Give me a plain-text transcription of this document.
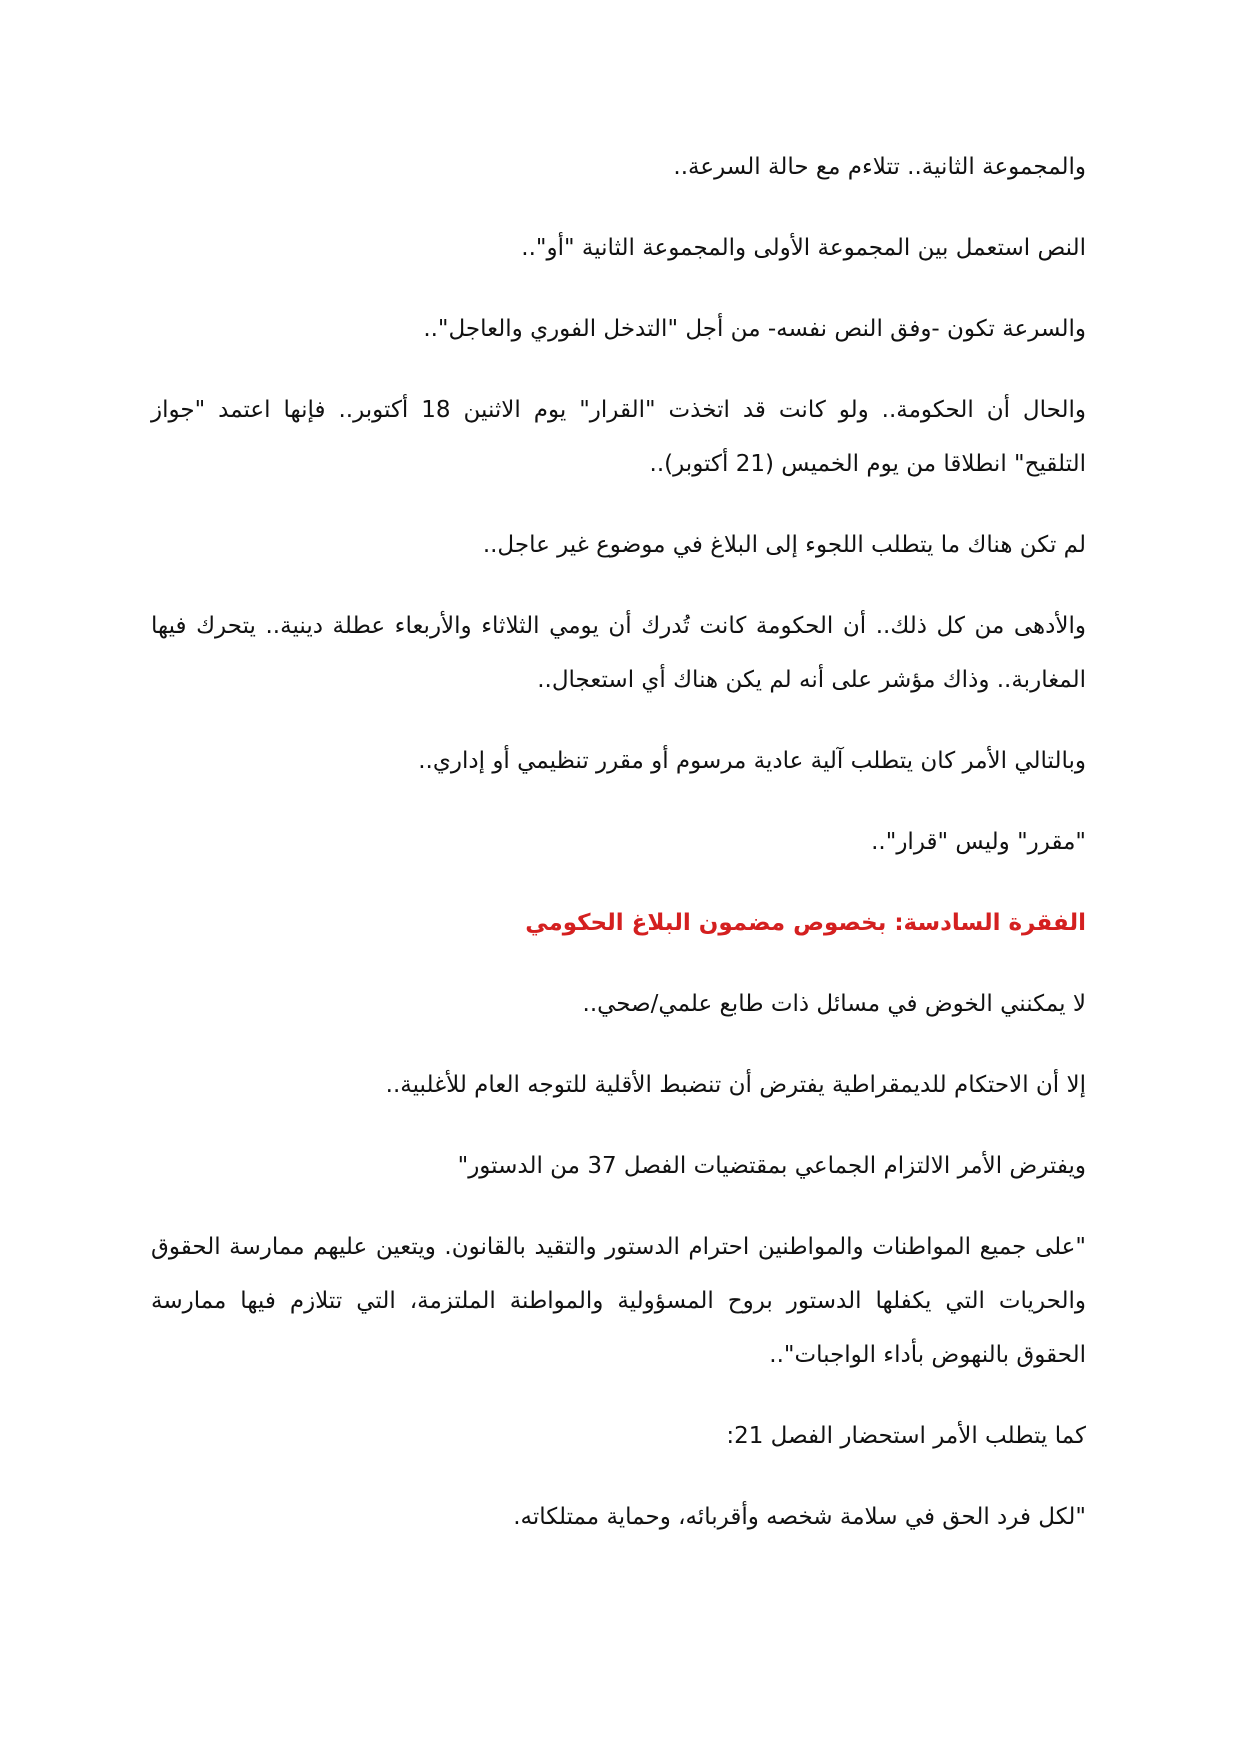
والمجموعة الثانية.. تتلاءم مع حالة السرعة..

النص استعمل بين المجموعة الأولى والمجموعة الثانية "أو"..

والسرعة تكون -وفق النص نفسه- من أجل "التدخل الفوري والعاجل"..

والحال أن الحكومة.. ولو كانت قد اتخذت "القرار" يوم الاثنين 18 أكتوبر.. فإنها اعتمد "جواز التلقيح" انطلاقا من يوم الخميس (21 أكتوبر)..

لم تكن هناك ما يتطلب اللجوء إلى البلاغ في موضوع غير عاجل..

والأدهى من كل ذلك.. أن الحكومة كانت تُدرك أن يومي الثلاثاء والأربعاء عطلة دينية.. يتحرك فيها المغاربة.. وذاك مؤشر على أنه لم يكن هناك أي استعجال..

وبالتالي الأمر كان يتطلب آلية عادية مرسوم أو مقرر تنظيمي أو إداري..

"مقرر" وليس "قرار"..

الفقرة السادسة: بخصوص مضمون البلاغ الحكومي

لا يمكنني الخوض في مسائل ذات طابع علمي/صحي..

إلا أن الاحتكام للديمقراطية يفترض أن تنضبط الأقلية للتوجه العام للأغلبية..

ويفترض الأمر الالتزام الجماعي بمقتضيات الفصل 37 من الدستور"

"على جميع المواطنات والمواطنين احترام الدستور والتقيد بالقانون. ويتعين عليهم ممارسة الحقوق والحريات التي يكفلها الدستور بروح المسؤولية والمواطنة الملتزمة، التي تتلازم فيها ممارسة الحقوق بالنهوض بأداء الواجبات"..

كما يتطلب الأمر استحضار الفصل 21:

"لكل فرد الحق في سلامة شخصه وأقربائه، وحماية ممتلكاته.
